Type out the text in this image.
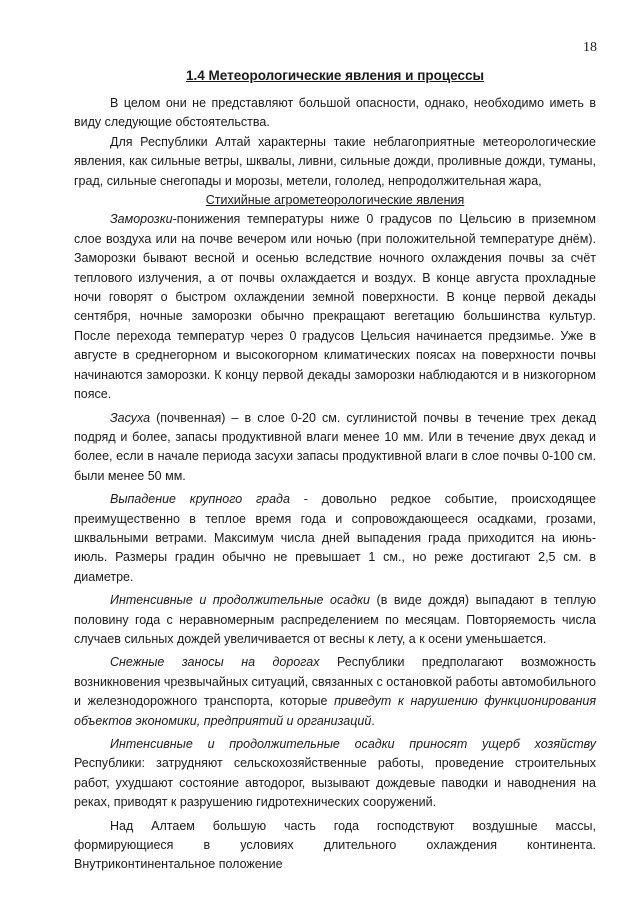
18
1.4 Метеорологические явления и процессы

В целом они не представляют большой опасности, однако, необходимо иметь в виду следующие обстоятельства.

Для Республики Алтай характерны такие неблагоприятные метеорологические явления, как сильные ветры, шквалы, ливни, сильные дожди, проливные дожди, туманы, град, сильные снегопады и морозы, метели, гололед, непродолжительная жара,

Стихийные агрометеорологические явления

Заморозки-понижения температуры ниже 0 градусов по Цельсию в приземном слое воздуха или на почве вечером или ночью (при положительной температуре днём). Заморозки бывают весной и осенью вследствие ночного охлаждения почвы за счёт теплового излучения, а от почвы охлаждается и воздух. В конце августа прохладные ночи говорят о быстром охлаждении земной поверхности. В конце первой декады сентября, ночные заморозки обычно прекращают вегетацию большинства культур. После перехода температур через 0 градусов Цельсия начинается предзимье. Уже в августе в среднегорном и высокогорном климатических поясах на поверхности почвы начинаются заморозки. К концу первой декады заморозки наблюдаются и в низкогорном поясе.

Засуха (почвенная) – в слое 0-20 см. суглинистой почвы в течение трех декад подряд и более, запасы продуктивной влаги менее 10 мм. Или в течение двух декад и более, если в начале периода засухи запасы продуктивной влаги в слое почвы 0-100 см. были менее 50 мм.

Выпадение крупного града - довольно редкое событие, происходящее преимущественно в теплое время года и сопровождающееся осадками, грозами, шквальными ветрами. Максимум числа дней выпадения града приходится на июнь-июль. Размеры градин обычно не превышает 1 см., но реже достигают 2,5 см. в диаметре.

Интенсивные и продолжительные осадки (в виде дождя) выпадают в теплую половину года с неравномерным распределением по месяцам. Повторяемость числа случаев сильных дождей увеличивается от весны к лету, а к осени уменьшается.

Снежные заносы на дорогах Республики предполагают возможность возникновения чрезвычайных ситуаций, связанных с остановкой работы автомобильного и железнодорожного транспорта, которые приведут к нарушению функционирования объектов экономики, предприятий и организаций.

Интенсивные и продолжительные осадки приносят ущерб хозяйству Республики: затрудняют сельскохозяйственные работы, проведение строительных работ, ухудшают состояние автодорог, вызывают дождевые паводки и наводнения на реках, приводят к разрушению гидротехнических сооружений.

Над Алтаем большую часть года господствуют воздушные массы, формирующиеся в условиях длительного охлаждения континента. Внутриконтинентальное положение
